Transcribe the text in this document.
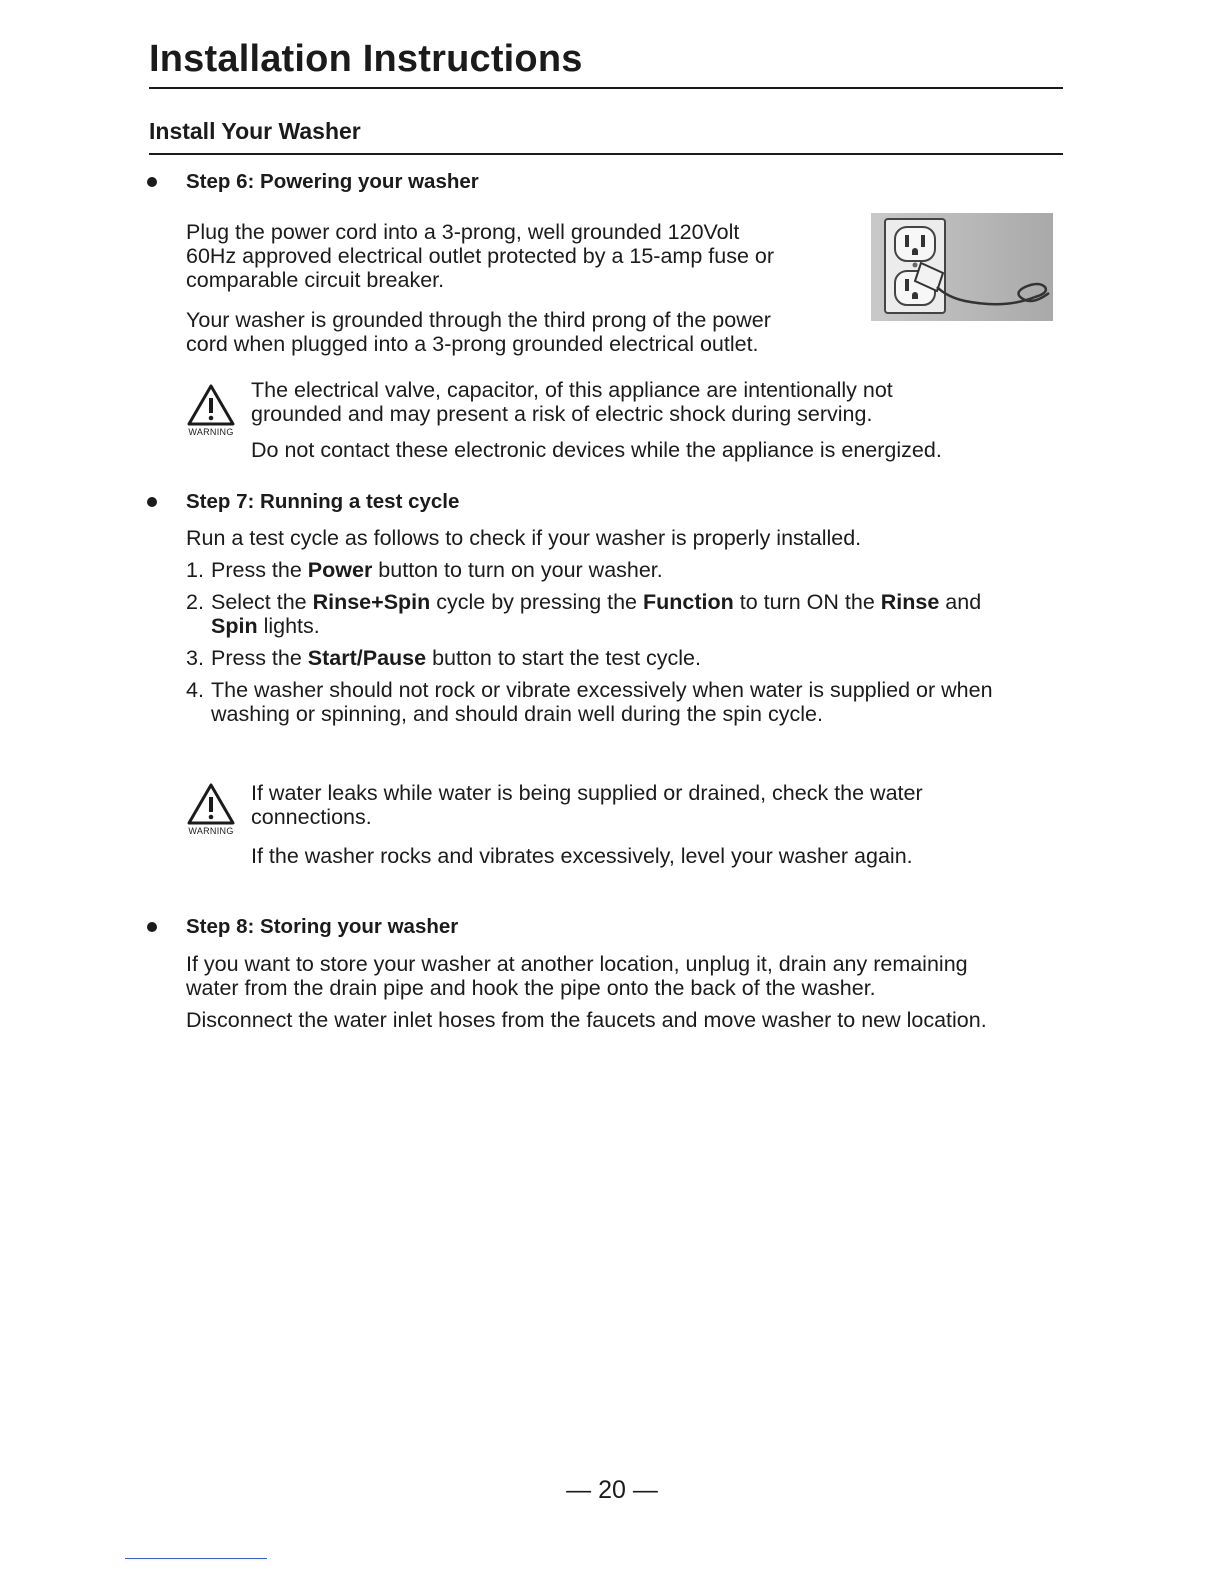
Installation Instructions
Install Your Washer
Step 6: Powering your washer
Plug the power cord into a 3-prong, well grounded 120Volt
60Hz approved electrical outlet protected by a 15-amp fuse or
comparable circuit breaker.
Your washer is grounded through the third prong of the power
cord when plugged into a 3-prong grounded electrical outlet.
WARNING
The electrical valve, capacitor, of this appliance are intentionally not
grounded and may present a risk of electric shock during serving.
Do not contact these electronic devices while the appliance is energized.
Step 7: Running a test cycle
Run a test cycle as follows to check if your washer is properly installed.
1. Press the Power button to turn on your washer.
2. Select the Rinse+Spin cycle by pressing the Function to turn ON the Rinse and
Spin lights.
3. Press the Start/Pause button to start the test cycle.
4. The washer should not rock or vibrate excessively when water is supplied or when
washing or spinning, and should drain well during the spin cycle.
WARNING
If water leaks while water is being supplied or drained, check the water
connections.
If the washer rocks and vibrates excessively, level your washer again.
Step 8: Storing your washer
If you want to store your washer at another location, unplug it, drain any remaining
water from the drain pipe and hook the pipe onto the back of the washer.
Disconnect the water inlet hoses from the faucets and move washer to new location.
— 20 —
